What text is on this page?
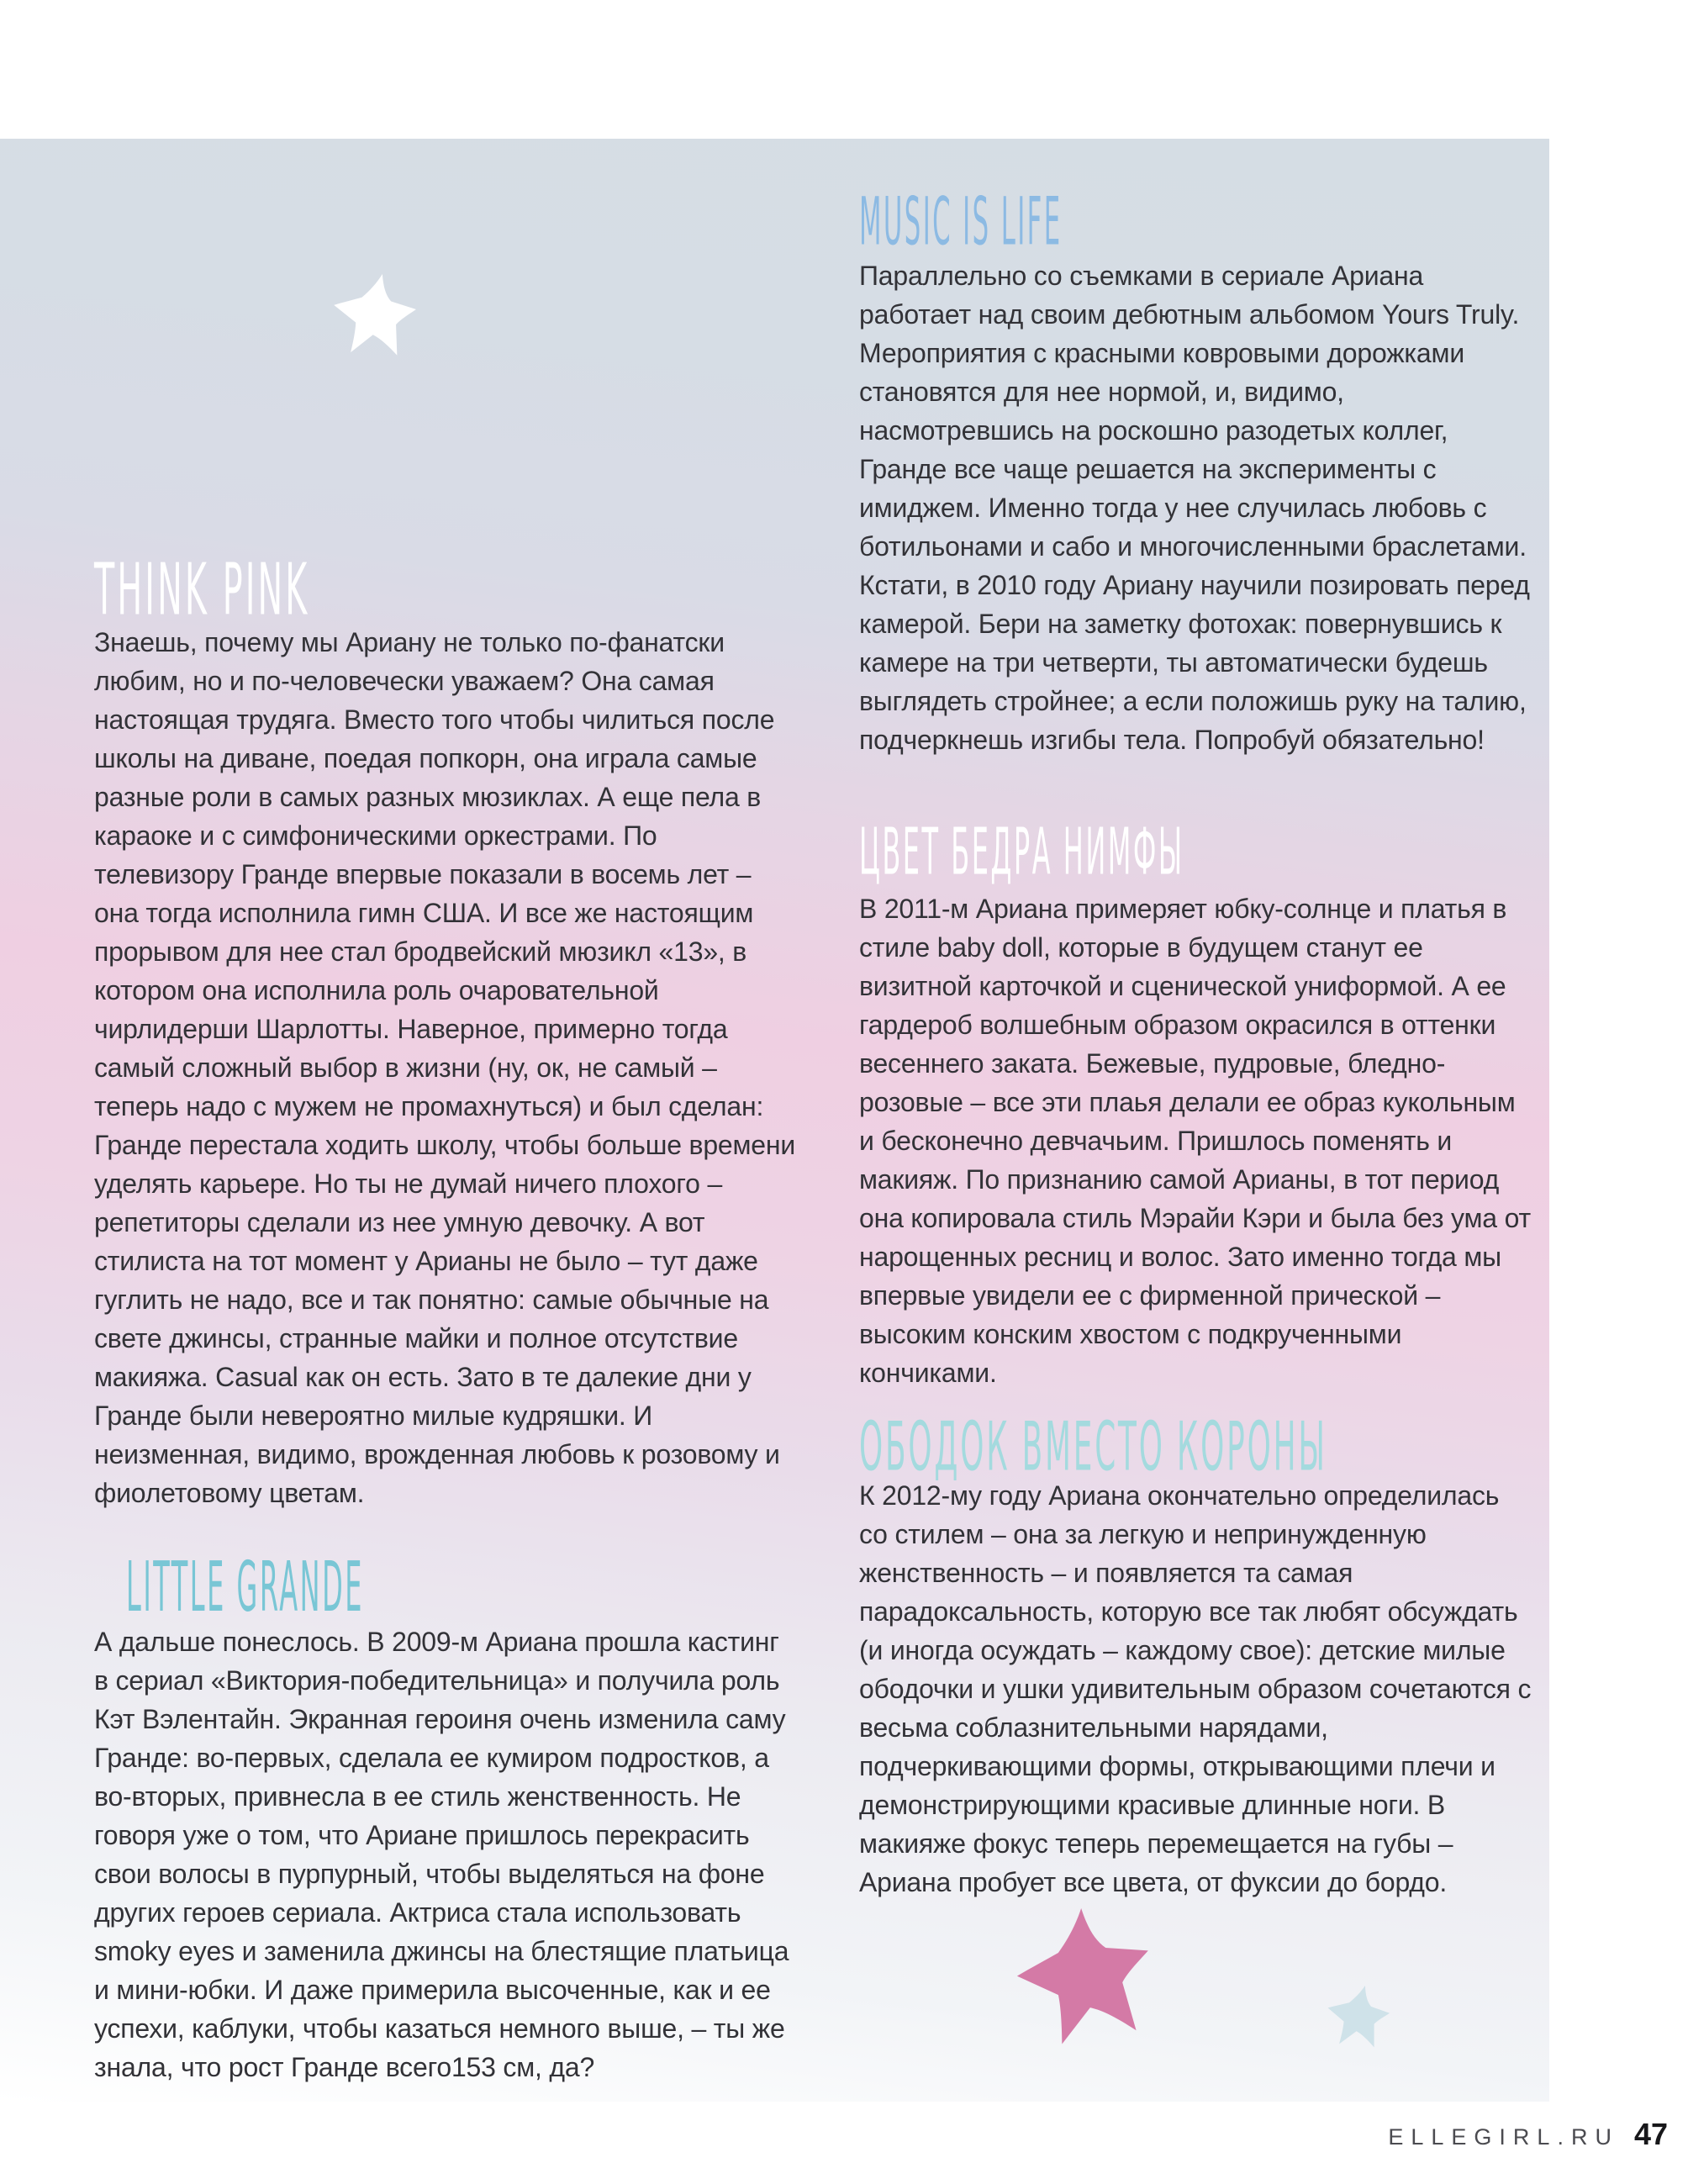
THINK PINK
Знаешь, почему мы Ариану не только по-фанатски любим, но и по-человечески уважаем? Она самая настоящая трудяга. Вместо того чтобы чилиться после школы на диване, поедая попкорн, она играла самые разные роли в самых разных мюзиклах. А еще пела в караоке и с симфоническими оркестрами. По телевизору Гранде впервые показали в восемь лет – она тогда исполнила гимн США. И все же настоящим прорывом для нее стал бродвейский мюзикл «13», в котором она исполнила роль очаровательной чирлидерши Шарлотты. Наверное, примерно тогда самый сложный выбор в жизни (ну, ок, не самый – теперь надо с мужем не промахнуться) и был сделан: Гранде перестала ходить школу, чтобы больше времени уделять карьере. Но ты не думай ничего плохого – репетиторы сделали из нее умную девочку. А вот стилиста на тот момент у Арианы не было – тут даже гуглить не надо, все и так понятно: самые обычные на свете джинсы, странные майки и полное отсутствие макияжа. Casual как он есть. Зато в те далекие дни у Гранде были невероятно милые кудряшки. И неизменная, видимо, врожденная любовь к розовому и фиолетовому цветам.
LITTLE GRANDE
А дальше понеслось. В 2009-м Ариана прошла кастинг в сериал «Виктория-победительница» и получила роль Кэт Вэлентайн. Экранная героиня очень изменила саму Гранде: во-первых, сделала ее кумиром подростков, а во-вторых, привнесла в ее стиль женственность. Не говоря уже о том, что Ариане пришлось перекрасить свои волосы в пурпурный, чтобы выделяться на фоне других героев сериала. Актриса стала использовать smoky eyes и заменила джинсы на блестящие платьица и мини-юбки. И даже примерила высоченные, как и ее успехи, каблуки, чтобы казаться немного выше, – ты же знала, что рост Гранде всего153 см, да?
MUSIC IS LIFE
Параллельно со съемками в сериале Ариана работает над своим дебютным альбомом Yours Truly. Мероприятия с красными ковровыми дорожками становятся для нее нормой, и, видимо, насмотревшись на роскошно разодетых коллег, Гранде все чаще решается на эксперименты с имиджем. Именно тогда у нее случилась любовь с ботильонами и сабо и многочисленными браслетами. Кстати, в 2010 году Ариану научили позировать перед камерой. Бери на заметку фотохак: повернувшись к камере на три четверти, ты автоматически будешь выглядеть стройнее; а если положишь руку на талию, подчеркнешь изгибы тела. Попробуй обязательно!
ЦВЕТ БЕДРА НИМФЫ
В 2011-м Ариана примеряет юбку-солнце и платья в стиле baby doll, которые в будущем станут ее визитной карточкой и сценической униформой. А ее гардероб волшебным образом окрасился в оттенки весеннего заката. Бежевые, пудровые, бледно-розовые – все эти плаья делали ее образ кукольным и бесконечно девчачьим. Пришлось поменять и макияж. По признанию самой Арианы, в тот период она копировала стиль Мэрайи Кэри и была без ума от нарощенных ресниц и волос. Зато именно тогда мы впервые увидели ее с фирменной прической – высоким конским хвостом с подкрученными кончиками.
ОБОДОК ВМЕСТО КОРОНЫ
К 2012-му году Ариана окончательно определилась со стилем – она за легкую и непринужденную женственность – и появляется та самая парадоксальность, которую все так любят обсуждать (и иногда осуждать – каждому свое): детские милые ободочки и ушки удивительным образом сочетаются с весьма соблазнительными нарядами, подчеркивающими формы, открывающими плечи и демонстрирующими красивые длинные ноги. В макияже фокус теперь перемещается на губы – Ариана пробует все цвета, от фуксии до бордо.
ELLEGIRL.RU 47
